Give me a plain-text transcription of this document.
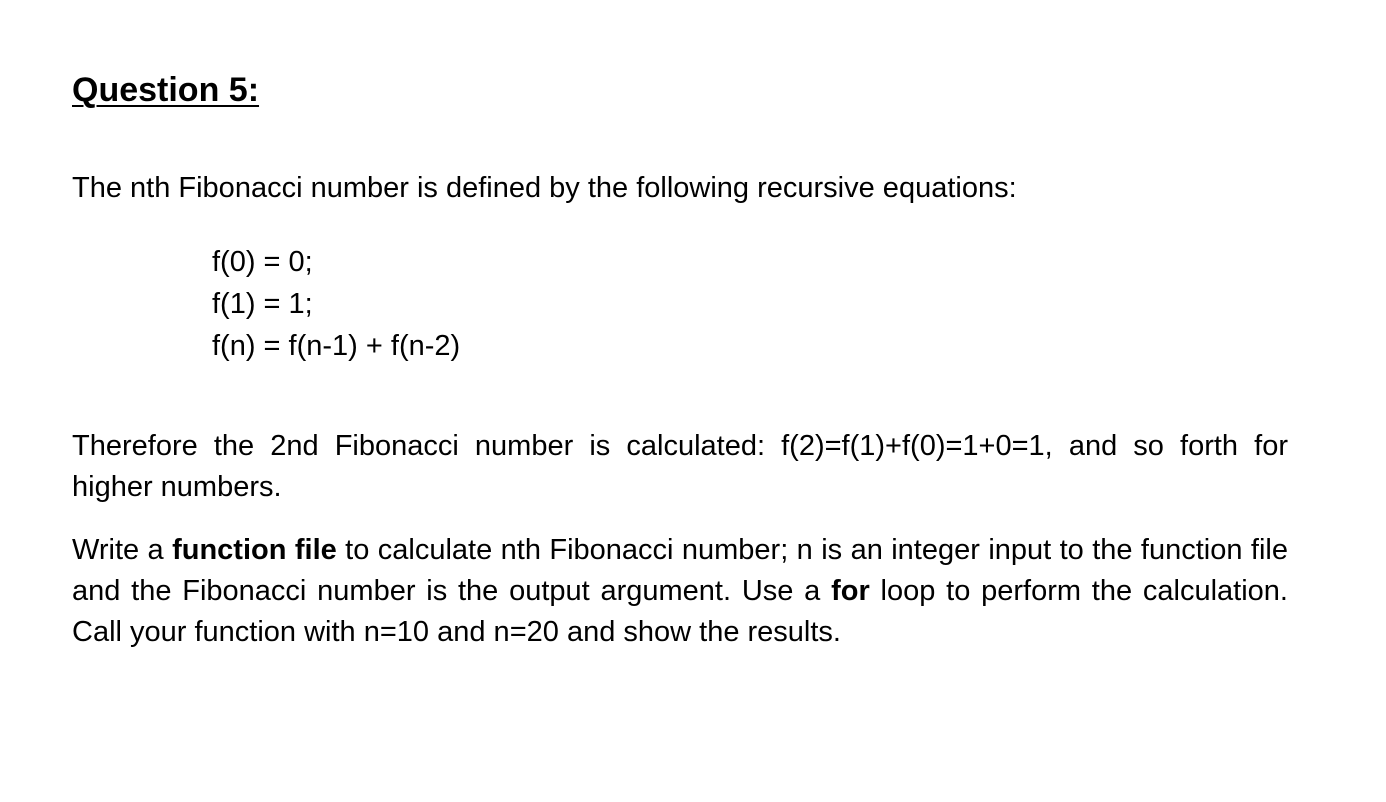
Question 5:

The nth Fibonacci number is defined by the following recursive equations:

f(0) = 0;
f(1) = 1;
f(n) = f(n-1) + f(n-2)

Therefore the 2nd Fibonacci number is calculated: f(2)=f(1)+f(0)=1+0=1, and so forth for higher numbers.

Write a function file to calculate nth Fibonacci number; n is an integer input to the function file and the Fibonacci number is the output argument. Use a for loop to perform the calculation. Call your function with n=10 and n=20 and show the results.
